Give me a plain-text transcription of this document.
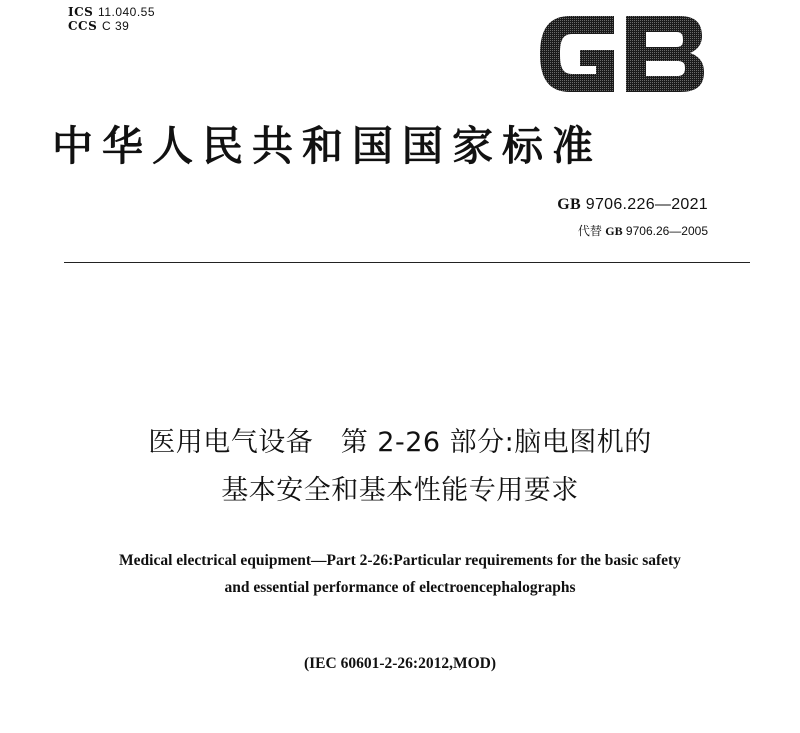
ICS 11.040.55
CCS C 39
中华人民共和国国家标准
GB 9706.226—2021
代替 GB 9706.26—2005
医用电气设备　第 2-26 部分:脑电图机的
基本安全和基本性能专用要求
Medical electrical equipment—Part 2-26:Particular requirements for the basic safety
and essential performance of electroencephalographs
(IEC 60601-2-26:2012,MOD)
